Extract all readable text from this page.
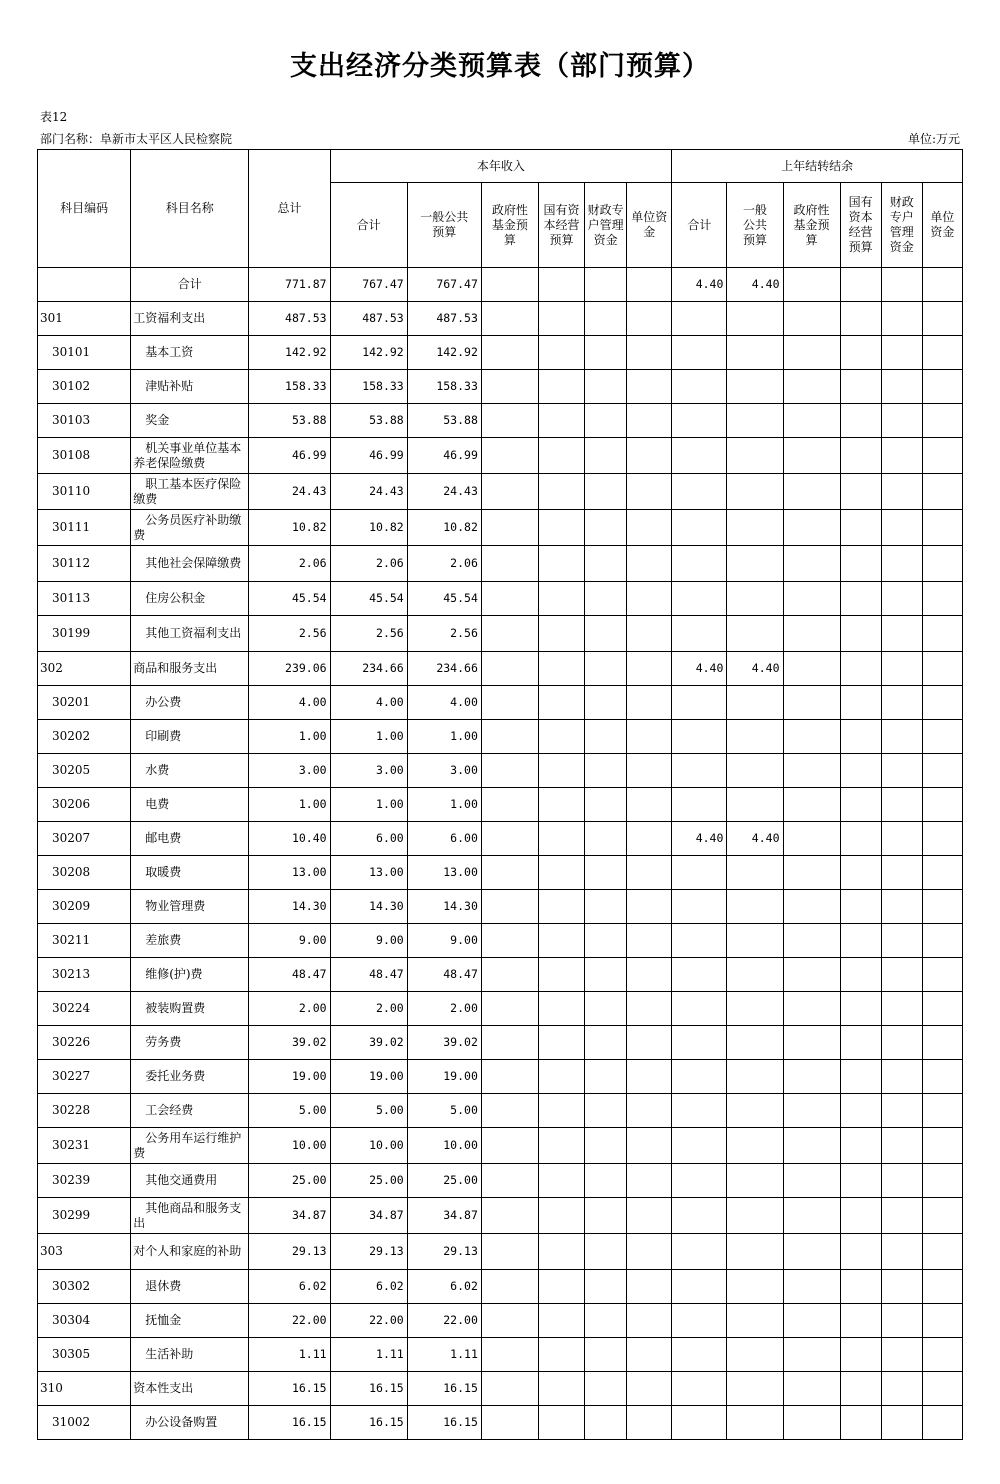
支出经济分类预算表（部门预算）
表12
部门名称：阜新市太平区人民检察院	单位:万元
科目编码	科目名称	总计	本年收入						上年结转结余					
			合计	一般公共预算	政府性基金预算	国有资本经营预算	财政专户管理资金	单位资金	合计	一般公共预算	政府性基金预算	国有资本经营预算	财政专户管理资金	单位资金
	合计	771.87	767.47	767.47					4.40	4.40				
301	工资福利支出	487.53	487.53	487.53										
30101	基本工资	142.92	142.92	142.92										
30102	津贴补贴	158.33	158.33	158.33										
30103	奖金	53.88	53.88	53.88										
30108	机关事业单位基本养老保险缴费	46.99	46.99	46.99										
30110	职工基本医疗保险缴费	24.43	24.43	24.43										
30111	公务员医疗补助缴费	10.82	10.82	10.82										
30112	其他社会保障缴费	2.06	2.06	2.06										
30113	住房公积金	45.54	45.54	45.54										
30199	其他工资福利支出	2.56	2.56	2.56										
302	商品和服务支出	239.06	234.66	234.66					4.40	4.40				
30201	办公费	4.00	4.00	4.00										
30202	印刷费	1.00	1.00	1.00										
30205	水费	3.00	3.00	3.00										
30206	电费	1.00	1.00	1.00										
30207	邮电费	10.40	6.00	6.00					4.40	4.40				
30208	取暖费	13.00	13.00	13.00										
30209	物业管理费	14.30	14.30	14.30										
30211	差旅费	9.00	9.00	9.00										
30213	维修(护)费	48.47	48.47	48.47										
30224	被装购置费	2.00	2.00	2.00										
30226	劳务费	39.02	39.02	39.02										
30227	委托业务费	19.00	19.00	19.00										
30228	工会经费	5.00	5.00	5.00										
30231	公务用车运行维护费	10.00	10.00	10.00										
30239	其他交通费用	25.00	25.00	25.00										
30299	其他商品和服务支出	34.87	34.87	34.87										
303	对个人和家庭的补助	29.13	29.13	29.13										
30302	退休费	6.02	6.02	6.02										
30304	抚恤金	22.00	22.00	22.00										
30305	生活补助	1.11	1.11	1.11										
310	资本性支出	16.15	16.15	16.15										
31002	办公设备购置	16.15	16.15	16.15										
